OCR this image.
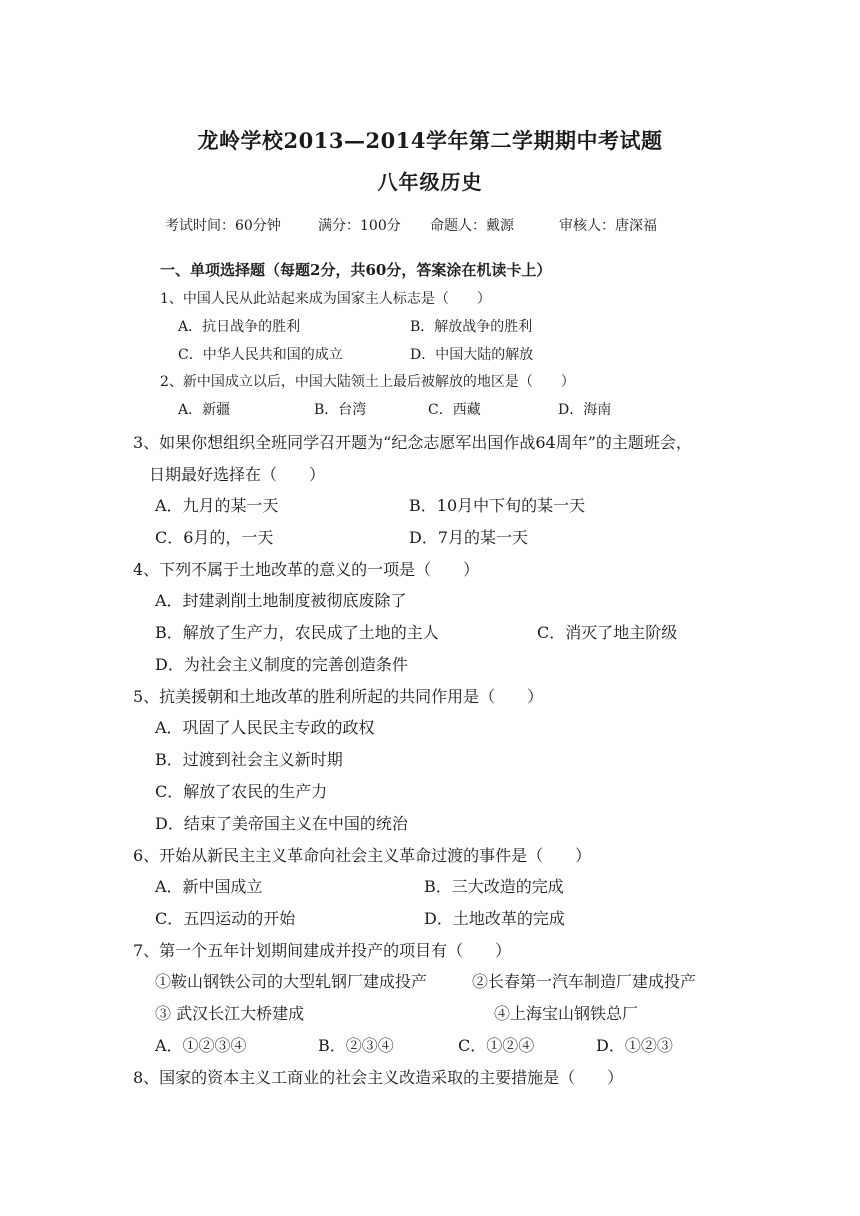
龙岭学校2013—2014学年第二学期期中考试题
八年级历史
考试时间：60分钟	满分：100分 命题人：戴源	审核人：唐深福
一、单项选择题（每题2分，共60分，答案涂在机读卡上）
1、中国人民从此站起来成为国家主人标志是（　　）
A．抗日战争的胜利	B．解放战争的胜利
C．中华人民共和国的成立	D．中国大陆的解放
2、新中国成立以后，中国大陆领土上最后被解放的地区是（　　）
A．新疆	B．台湾	C．西藏	D．海南
3、如果你想组织全班同学召开题为“纪念志愿军出国作战64周年”的主题班会，
日期最好选择在（　　）
A．九月的某一天	B．10月中下旬的某一天
C．6月的，一天	D．7月的某一天
4、下列不属于土地改革的意义的一项是（　　）
A．封建剥削土地制度被彻底废除了
B．解放了生产力，农民成了土地的主人	C．消灭了地主阶级
D．为社会主义制度的完善创造条件
5、抗美援朝和土地改革的胜利所起的共同作用是（　　）
A．巩固了人民民主专政的政权
B．过渡到社会主义新时期
C．解放了农民的生产力
D．结束了美帝国主义在中国的统治
6、开始从新民主主义革命向社会主义革命过渡的事件是（　　）
A．新中国成立	B．三大改造的完成
C．五四运动的开始	D．土地改革的完成
7、第一个五年计划期间建成并投产的项目有（　　）
①鞍山钢铁公司的大型轧钢厂建成投产	②长春第一汽车制造厂建成投产
③ 武汉长江大桥建成	④上海宝山钢铁总厂
A．①②③④	B．②③④	C．①②④	D．①②③
8、国家的资本主义工商业的社会主义改造采取的主要措施是（　　）
